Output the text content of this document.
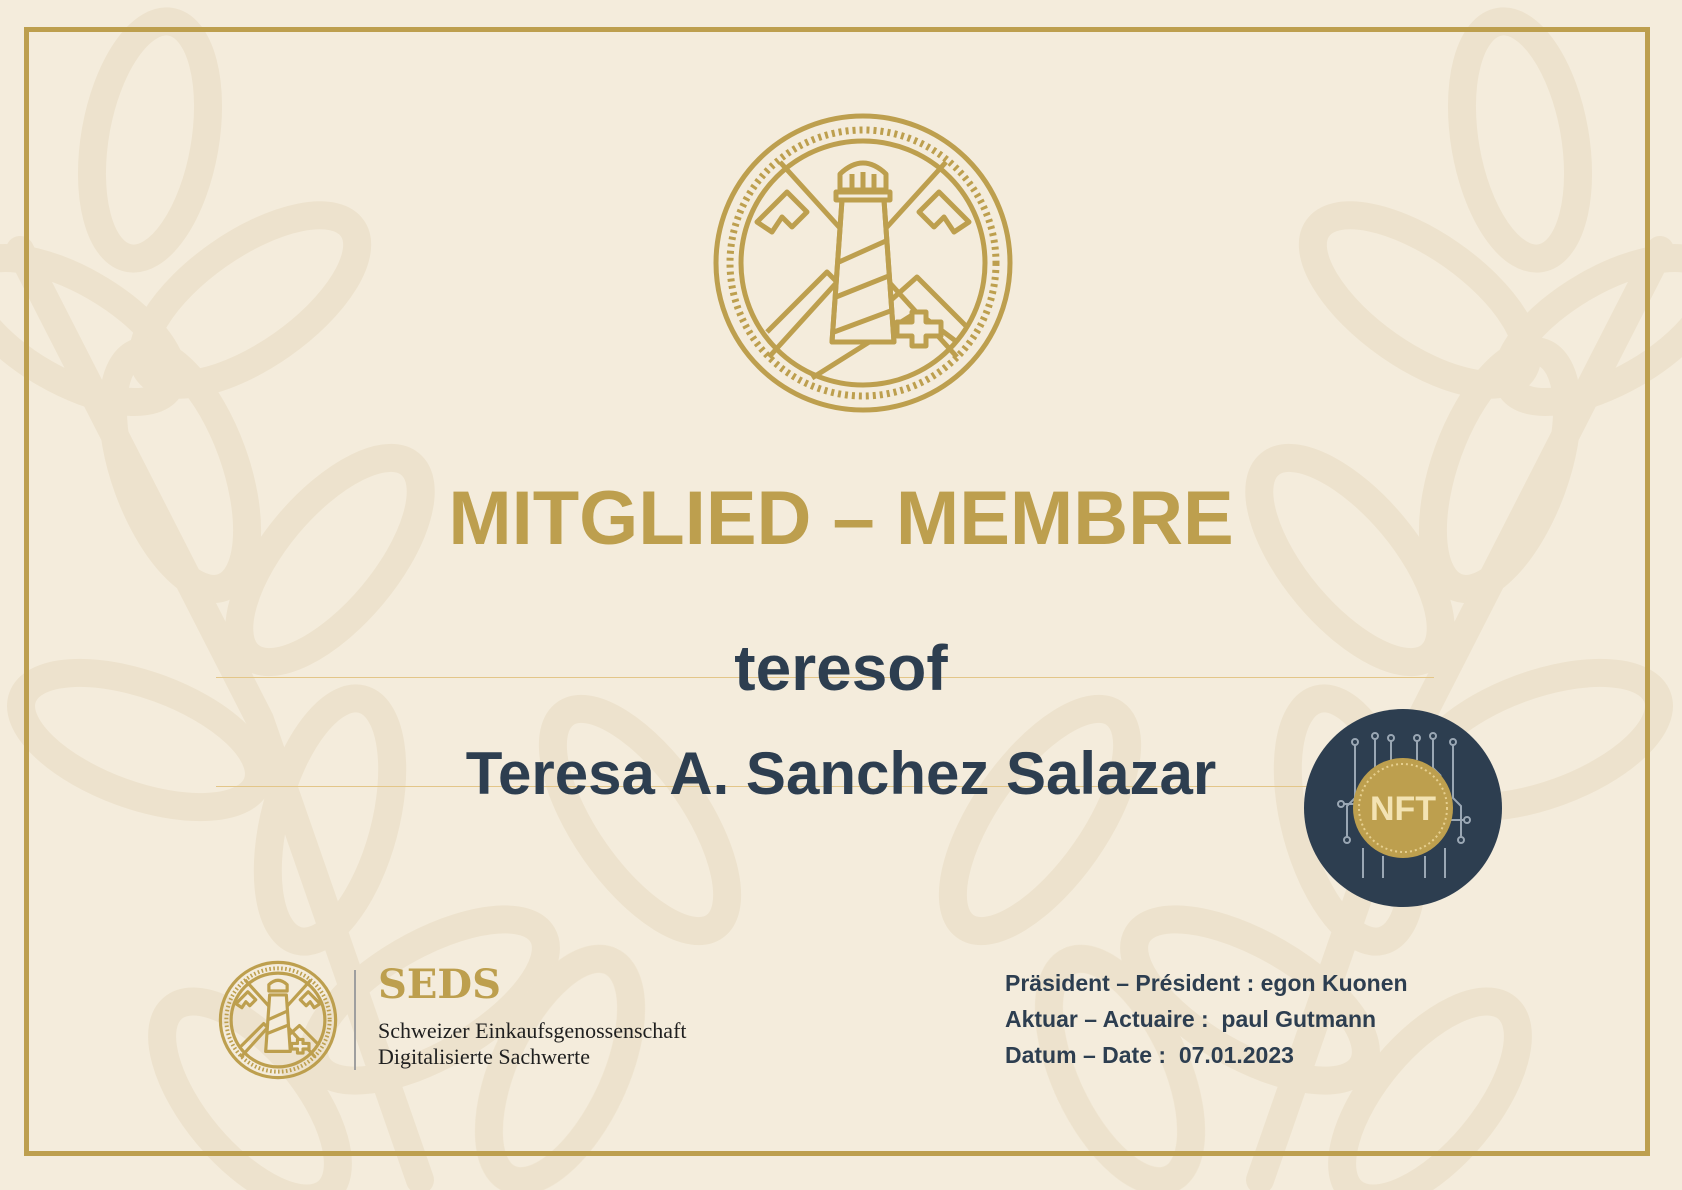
MITGLIED – MEMBRE
teresof
Teresa A. Sanchez Salazar
NFT
SEDS
Schweizer Einkaufsgenossenschaft
Digitalisierte Sachwerte
Präsident – Président : egon Kuonen
Aktuar – Actuaire :  paul Gutmann
Datum – Date :  07.01.2023
